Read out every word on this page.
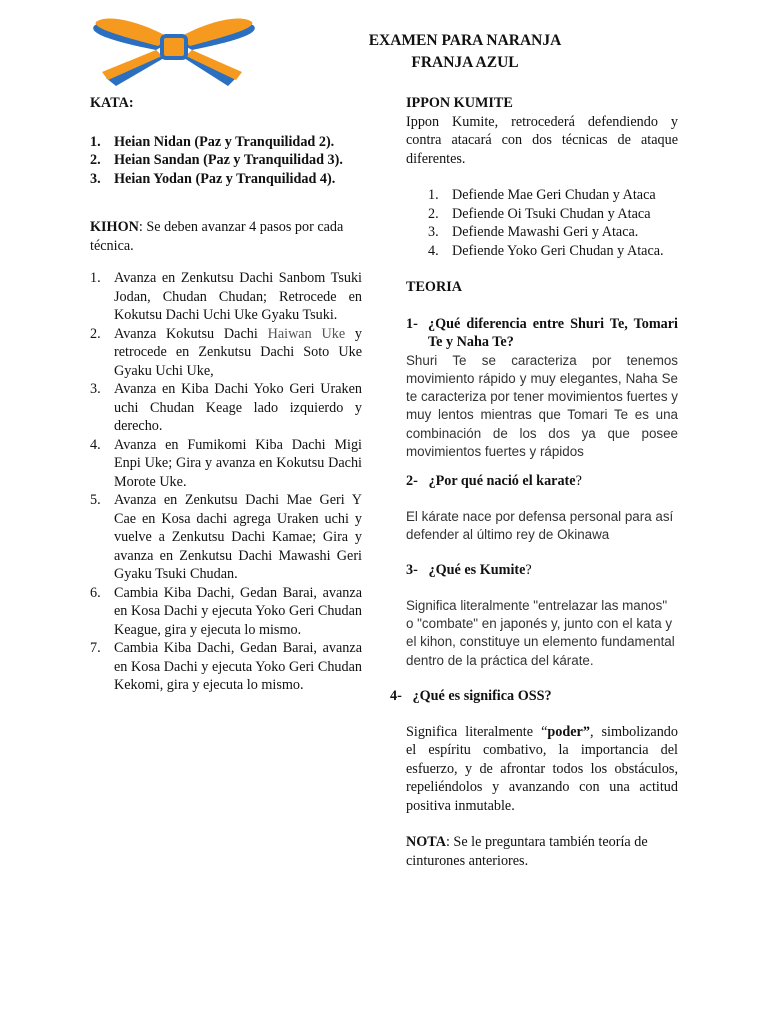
EXAMEN PARA NARANJA
FRANJA AZUL

KATA:

1. Heian Nidan (Paz y Tranquilidad 2).
2. Heian Sandan (Paz y Tranquilidad 3).
3. Heian Yodan (Paz y Tranquilidad 4).

KIHON: Se deben avanzar 4 pasos por cada técnica.

1. Avanza en Zenkutsu Dachi Sanbom Tsuki Jodan, Chudan Chudan; Retrocede en Kokutsu Dachi Uchi Uke Gyaku Tsuki.
2. Avanza Kokutsu Dachi Haiwan Uke y retrocede en Zenkutsu Dachi Soto Uke Gyaku Uchi Uke,
3. Avanza en Kiba Dachi Yoko Geri Uraken uchi Chudan Keage lado izquierdo y derecho.
4. Avanza en Fumikomi Kiba Dachi Migi Enpi Uke; Gira y avanza en Kokutsu Dachi Morote Uke.
5. Avanza en Zenkutsu Dachi Mae Geri Y Cae en Kosa dachi agrega Uraken uchi y vuelve a Zenkutsu Dachi Kamae; Gira y avanza en Zenkutsu Dachi Mawashi Geri Gyaku Tsuki Chudan.
6. Cambia Kiba Dachi, Gedan Barai, avanza en Kosa Dachi y ejecuta Yoko Geri Chudan Keague, gira y ejecuta lo mismo.
7. Cambia Kiba Dachi, Gedan Barai, avanza en Kosa Dachi y ejecuta Yoko Geri Chudan Kekomi, gira y ejecuta lo mismo.

IPPON KUMITE

Ippon Kumite, retrocederá defendiendo y contra atacará con dos técnicas de ataque diferentes.

1. Defiende Mae Geri Chudan y Ataca
2. Defiende Oi Tsuki Chudan y Ataca
3. Defiende Mawashi Geri y Ataca.
4. Defiende Yoko Geri Chudan y Ataca.

TEORIA

1- ¿Qué diferencia entre Shuri Te, Tomari Te y Naha Te?

Shuri Te se caracteriza por tenemos movimiento rápido y muy elegantes, Naha Se te caracteriza por tener movimientos fuertes y muy lentos mientras que Tomari Te es una combinación de los dos ya que posee movimientos fuertes y rápidos

2- ¿Por qué nació el karate?

El kárate nace por defensa personal para así defender al último rey de Okinawa

3- ¿Qué es Kumite?

Significa literalmente "entrelazar las manos" o "combate" en japonés y, junto con el kata y el kihon, constituye un elemento fundamental dentro de la práctica del kárate.

4- ¿Qué es significa OSS?

Significa literalmente “poder”, simbolizando el espíritu combativo, la importancia del esfuerzo, y de afrontar todos los obstáculos, repeliéndolos y avanzando con una actitud positiva inmutable.

NOTA: Se le preguntara también teoría de cinturones anteriores.
